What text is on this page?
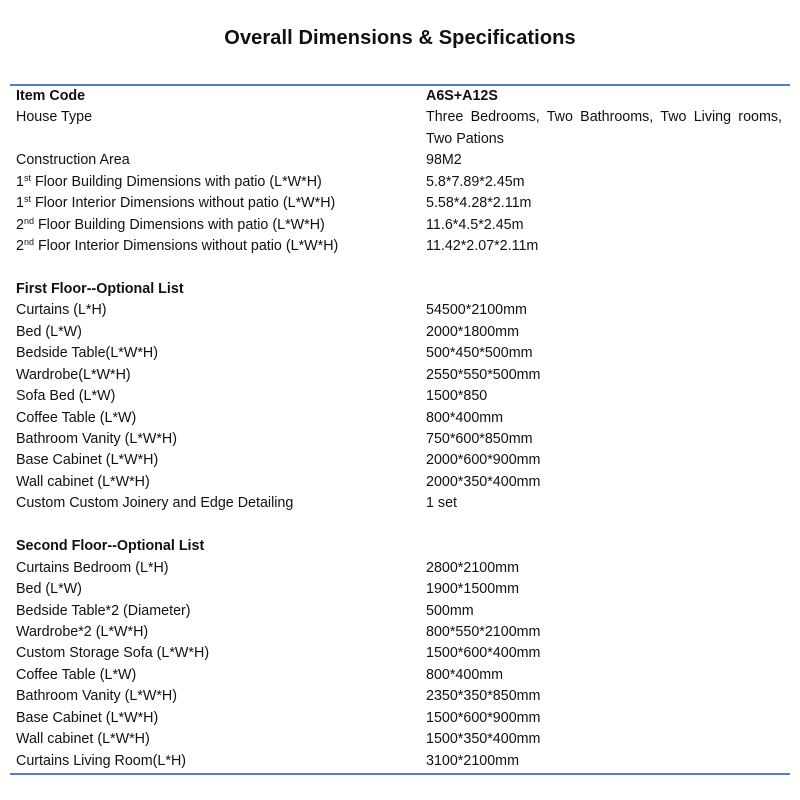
Overall Dimensions & Specifications
Item Code	A6S+A12S
House Type	Three Bedrooms, Two Bathrooms, Two Living rooms, Two Pations
Construction Area	98M2
1st Floor Building Dimensions with patio (L*W*H)	5.8*7.89*2.45m
1st Floor Interior Dimensions without patio (L*W*H)	5.58*4.28*2.11m
2nd Floor Building Dimensions with patio (L*W*H)	11.6*4.5*2.45m
2nd Floor Interior Dimensions without patio (L*W*H)	11.42*2.07*2.11m
First Floor--Optional List
Curtains (L*H)	54500*2100mm
Bed (L*W)	2000*1800mm
Bedside Table(L*W*H)	500*450*500mm
Wardrobe(L*W*H)	2550*550*500mm
Sofa Bed (L*W)	1500*850
Coffee Table (L*W)	800*400mm
Bathroom Vanity (L*W*H)	750*600*850mm
Base Cabinet (L*W*H)	2000*600*900mm
Wall cabinet (L*W*H)	2000*350*400mm
Custom Custom Joinery and Edge Detailing	1 set
Second Floor--Optional List
Curtains Bedroom (L*H)	2800*2100mm
Bed (L*W)	1900*1500mm
Bedside Table*2 (Diameter)	500mm
Wardrobe*2 (L*W*H)	800*550*2100mm
Custom Storage Sofa (L*W*H)	1500*600*400mm
Coffee Table (L*W)	800*400mm
Bathroom Vanity (L*W*H)	2350*350*850mm
Base Cabinet (L*W*H)	1500*600*900mm
Wall cabinet (L*W*H)	1500*350*400mm
Curtains Living Room(L*H)	3100*2100mm
